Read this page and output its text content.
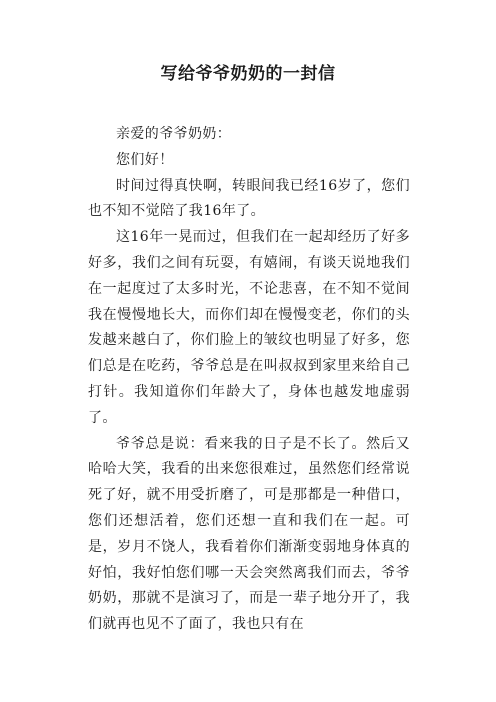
写给爷爷奶奶的一封信

亲爱的爷爷奶奶：

您们好！

时间过得真快啊，转眼间我已经16岁了，您们也不知不觉陪了我16年了。

这16年一晃而过，但我们在一起却经历了好多好多，我们之间有玩耍，有嬉闹，有谈天说地我们在一起度过了太多时光，不论悲喜，在不知不觉间我在慢慢地长大，而你们却在慢慢变老，你们的头发越来越白了，你们脸上的皱纹也明显了好多，您们总是在吃药，爷爷总是在叫叔叔到家里来给自己打针。我知道你们年龄大了，身体也越发地虚弱了。

爷爷总是说：看来我的日子是不长了。然后又哈哈大笑，我看的出来您很难过，虽然您们经常说死了好，就不用受折磨了，可是那都是一种借口，您们还想活着，您们还想一直和我们在一起。可是，岁月不饶人，我看着你们渐渐变弱地身体真的好怕，我好怕您们哪一天会突然离我们而去，爷爷奶奶，那就不是演习了，而是一辈子地分开了，我们就再也见不了面了，我也只有在
